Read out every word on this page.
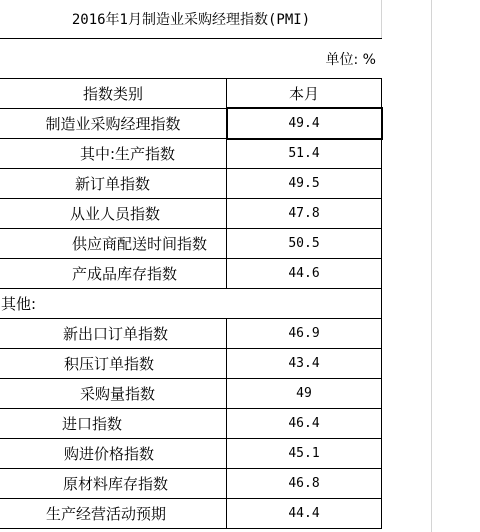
2016年1月制造业采购经理指数(PMI)
单位: %
指数类别	本月
制造业采购经理指数	49.4
其中:生产指数	51.4
新订单指数	49.5
从业人员指数	47.8
供应商配送时间指数	50.5
产成品库存指数	44.6
其他:
新出口订单指数	46.9
积压订单指数	43.4
采购量指数	49
进口指数	46.4
购进价格指数	45.1
原材料库存指数	46.8
生产经营活动预期	44.4
